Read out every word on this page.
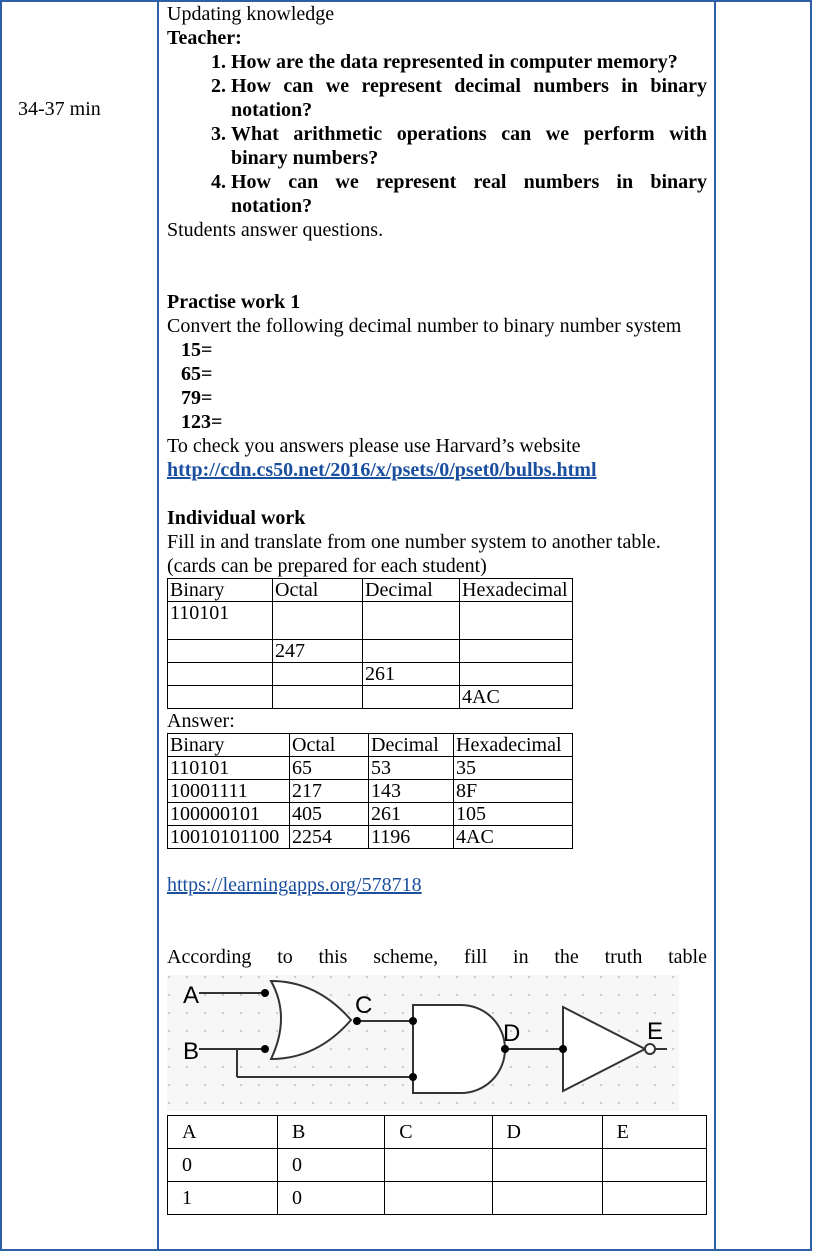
34-37 min
Updating knowledge
Teacher:
1. How are the data represented in computer memory?
2. How can we represent decimal numbers in binary notation?
3. What arithmetic operations can we perform with binary numbers?
4. How can we represent real numbers in binary notation?
Students answer questions.
Practise work 1
Convert the following decimal number to binary number system
15=
65=
79=
123=
To check you answers please use Harvard’s website
http://cdn.cs50.net/2016/x/psets/0/pset0/bulbs.html
Individual work
Fill in and translate from one number system to another table.
(cards can be prepared for each student)
Binary	Octal	Decimal	Hexadecimal
110101			
	247		
		261	
			4AC
Answer:
Binary	Octal	Decimal	Hexadecimal
110101	65	53	35
10001111	217	143	8F
100000101	405	261	105
10010101100	2254	1196	4AC
https://learningapps.org/578718
According to this scheme, fill in the truth table
A
B
C
D	E
A	B	C	D	E
0	0			
1	0			
